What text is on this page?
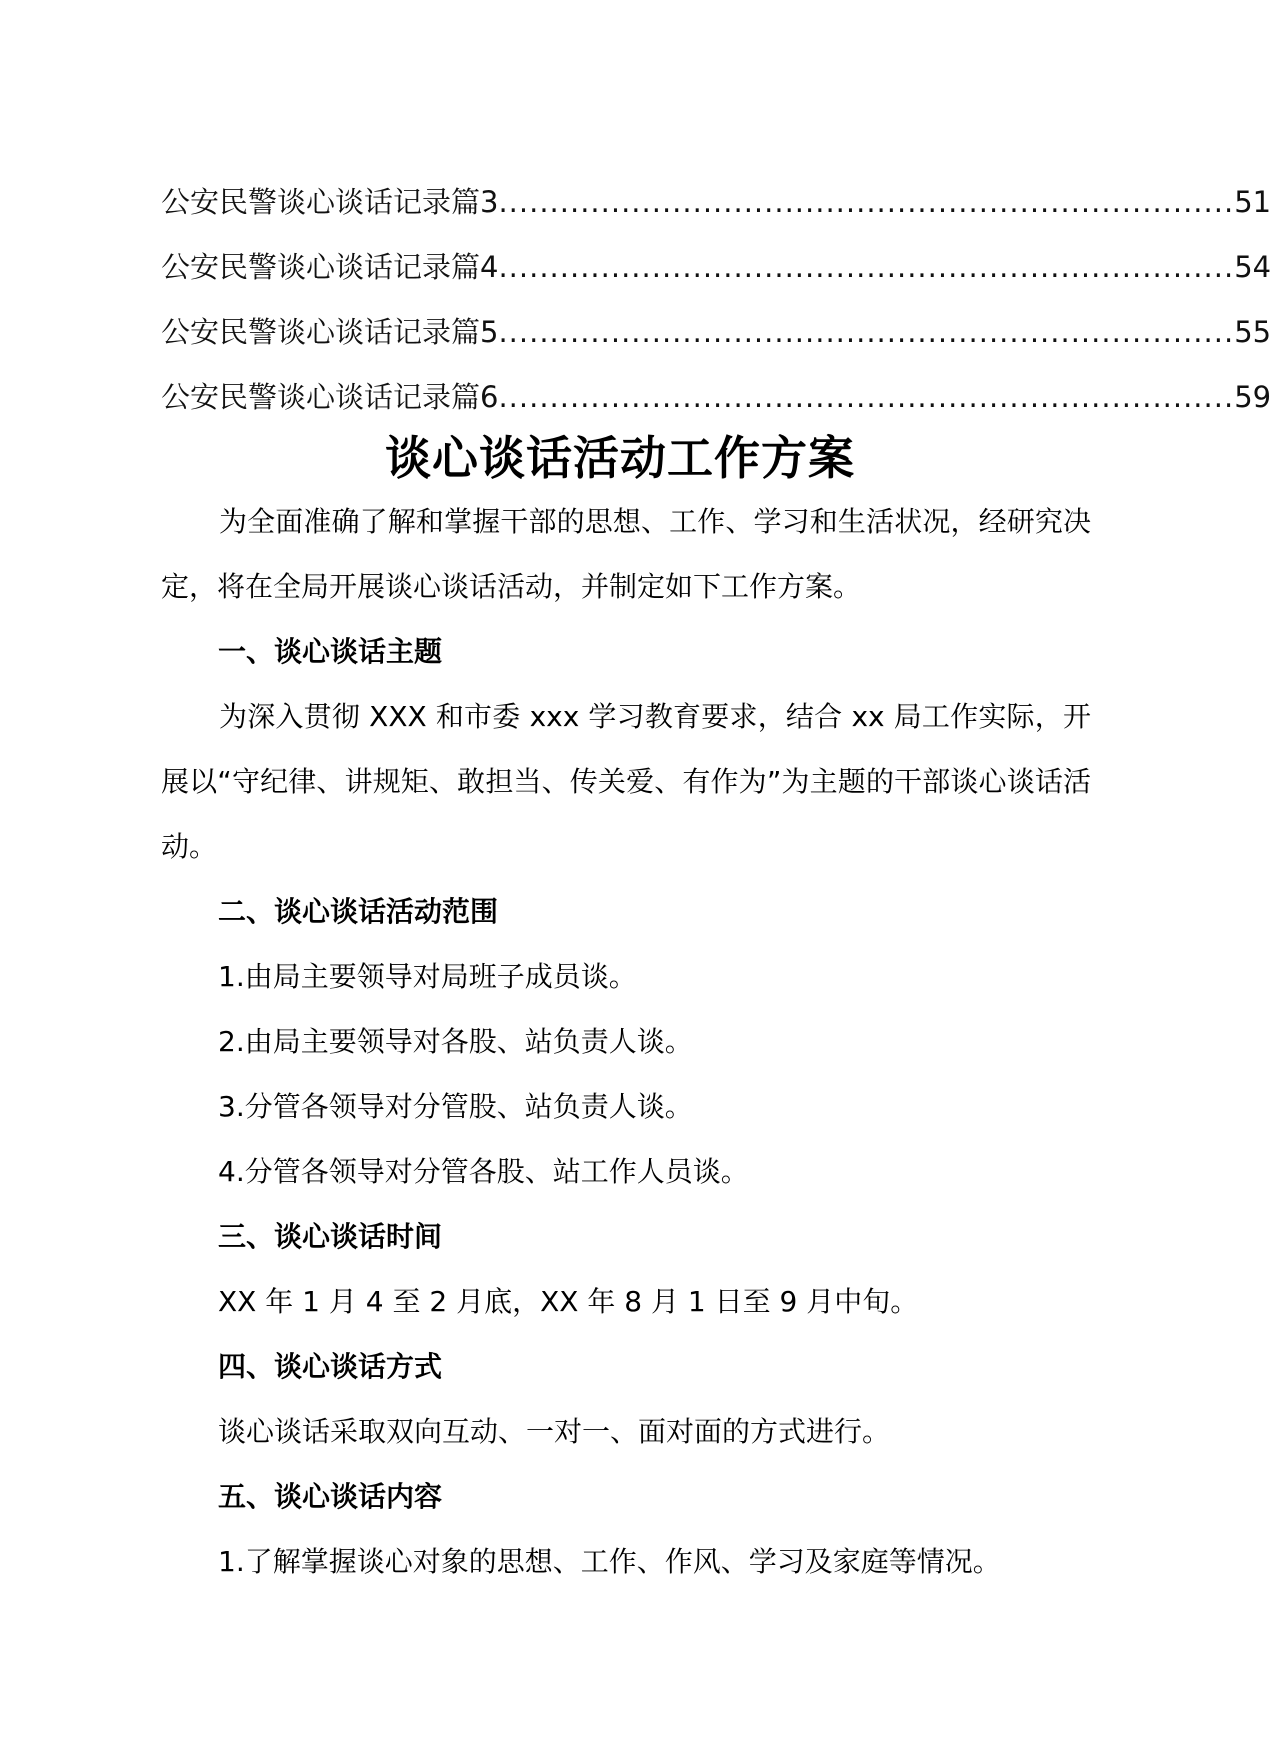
公安民警谈心谈话记录篇 3 ........................................................................ 51
公安民警谈心谈话记录篇 4 ........................................................................ 54
公安民警谈心谈话记录篇 5 ........................................................................ 55
公安民警谈心谈话记录篇 6 ........................................................................ 59
谈心谈话活动工作方案

为全面准确了解和掌握干部的思想、工作、学习和生活状况，经研究决定，将在全局开展谈心谈话活动，并制定如下工作方案。

一、谈心谈话主题

为深入贯彻 XXX 和市委 xxx 学习教育要求，结合 xx 局工作实际，开展以“守纪律、讲规矩、敢担当、传关爱、有作为”为主题的干部谈心谈话活动。

二、谈心谈话活动范围
1.由局主要领导对局班子成员谈。
2.由局主要领导对各股、站负责人谈。
3.分管各领导对分管股、站负责人谈。
4.分管各领导对分管各股、站工作人员谈。
三、谈心谈话时间
XX 年 1 月 4 至 2 月底，XX 年 8 月 1 日至 9 月中旬。
四、谈心谈话方式
谈心谈话采取双向互动、一对一、面对面的方式进行。
五、谈心谈话内容
1.了解掌握谈心对象的思想、工作、作风、学习及家庭等情况。
